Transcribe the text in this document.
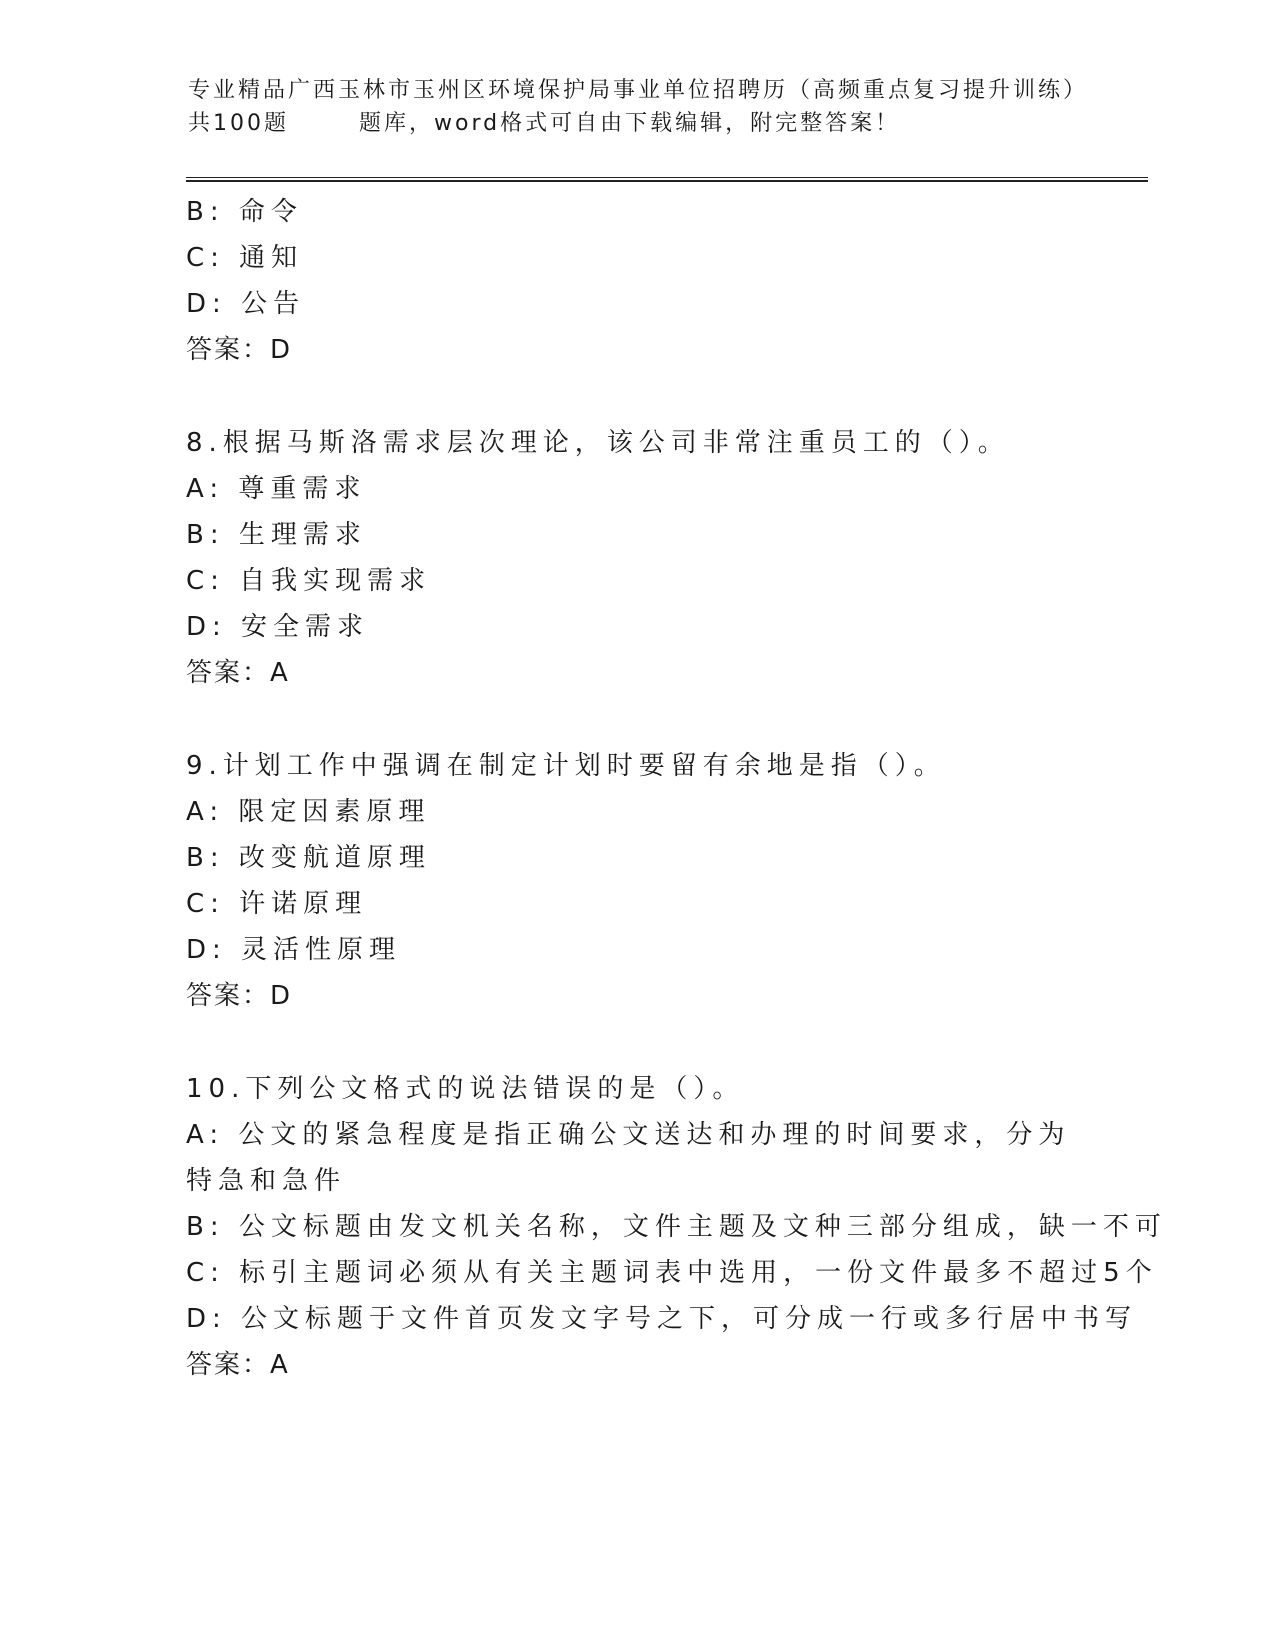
专业精品广西玉林市玉州区环境保护局事业单位招聘历（高频重点复习提升训练）
共100题	题库，word格式可自由下载编辑，附完整答案！
B: 命令
C: 通知
D: 公告
答案：D
8.根据马斯洛需求层次理论，该公司非常注重员工的（）。
A: 尊重需求
B: 生理需求
C: 自我实现需求
D: 安全需求
答案：A
9.计划工作中强调在制定计划时要留有余地是指（）。
A: 限定因素原理
B: 改变航道原理
C: 许诺原理
D: 灵活性原理
答案：D
10.下列公文格式的说法错误的是（）。
A: 公文的紧急程度是指正确公文送达和办理的时间要求，分为特急和急件
B: 公文标题由发文机关名称，文件主题及文种三部分组成，缺一不可
C: 标引主题词必须从有关主题词表中选用，一份文件最多不超过5个
D: 公文标题于文件首页发文字号之下，可分成一行或多行居中书写
答案：A
